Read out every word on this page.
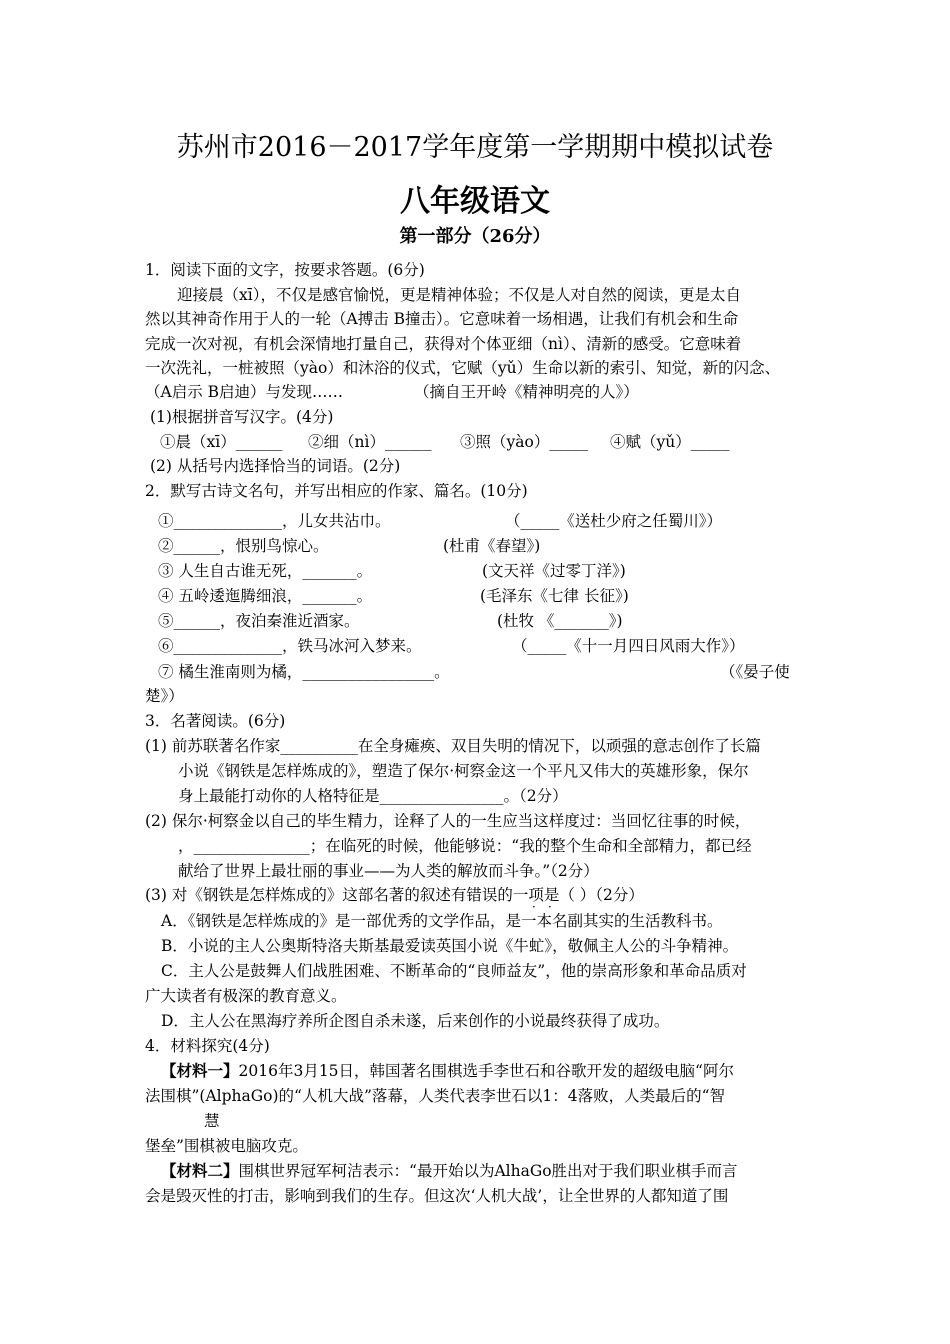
苏州市2016－2017学年度第一学期期中模拟试卷
八年级语文
第一部分（26分）
1．阅读下面的文字，按要求答题。(6分)
迎接晨（xī），不仅是感官愉悦，更是精神体验；不仅是人对自然的阅读，更是太自
然以其神奇作用于人的一轮（A搏击 B撞击）。它意味着一场相遇，让我们有机会和生命
完成一次对视，有机会深情地打量自己，获得对个体亚细（nì）、清新的感受。它意味着
一次洗礼，一桩被照（yào）和沐浴的仪式，它赋（yǔ）生命以新的索引、知觉，新的闪念、
（A启示 B启迪）与发现……	（摘自王开岭《精神明亮的人》）
(1)根据拼音写汉字。(4分)
①晨（xī）______ ②细（nì）______ ③照（yào）_____ ④赋（yǔ）_____
(2) 从括号内选择恰当的词语。(2分)
2．默写古诗文名句，并写出相应的作家、篇名。(10分)
①______________，儿女共沾巾。	（_____《送杜少府之任蜀川》）
②______，恨别鸟惊心。	(杜甫《春望》)
③ 人生自古谁无死，_______。	(文天祥《过零丁洋》)
④ 五岭逶迤腾细浪，_______。	(毛泽东《七律 长征》)
⑤______，夜泊秦淮近酒家。	(杜牧 《_______》)
⑥______________，铁马冰河入梦来。	（_____《十一月四日风雨大作》）
⑦ 橘生淮南则为橘，_________________。	（《晏子使
楚》）
3．名著阅读。(6分)
(1) 前苏联著名作家__________在全身瘫痪、双目失明的情况下，以顽强的意志创作了长篇
小说《钢铁是怎样炼成的》，塑造了保尔·柯察金这一个平凡又伟大的英雄形象，保尔
身上最能打动你的人格特征是________________。（2分）
(2) 保尔·柯察金以自己的毕生精力，诠释了人的一生应当这样度过：当回忆往事的时候，
，_______________；在临死的时候，他能够说：“我的整个生命和全部精力，都已经
献给了世界上最壮丽的事业——为人类的解放而斗争。”（2分）
(3) 对《钢铁是怎样炼成的》这部名著的叙述有错误的一项是（ ）（2分）
· ·
A．《钢铁是怎样炼成的》是一部优秀的文学作品，是一本名副其实的生活教科书。
B．小说的主人公奥斯特洛夫斯基最爱读英国小说《牛虻》，敬佩主人公的斗争精神。
C．主人公是鼓舞人们战胜困难、不断革命的“良师益友”，他的崇高形象和革命品质对
广大读者有极深的教育意义。
D．主人公在黑海疗养所企图自杀未遂，后来创作的小说最终获得了成功。
4．材料探究(4分)
【材料一】2016年3月15日，韩国著名围棋选手李世石和谷歌开发的超级电脑“阿尔
法围棋”(AlphaGo)的“人机大战”落幕，人类代表李世石以1：4落败，人类最后的“智
慧
堡垒”围棋被电脑攻克。
【材料二】围棋世界冠军柯洁表示：“最开始以为AlhaGo胜出对于我们职业棋手而言
会是毁灭性的打击，影响到我们的生存。但这次‘人机大战’，让全世界的人都知道了围
